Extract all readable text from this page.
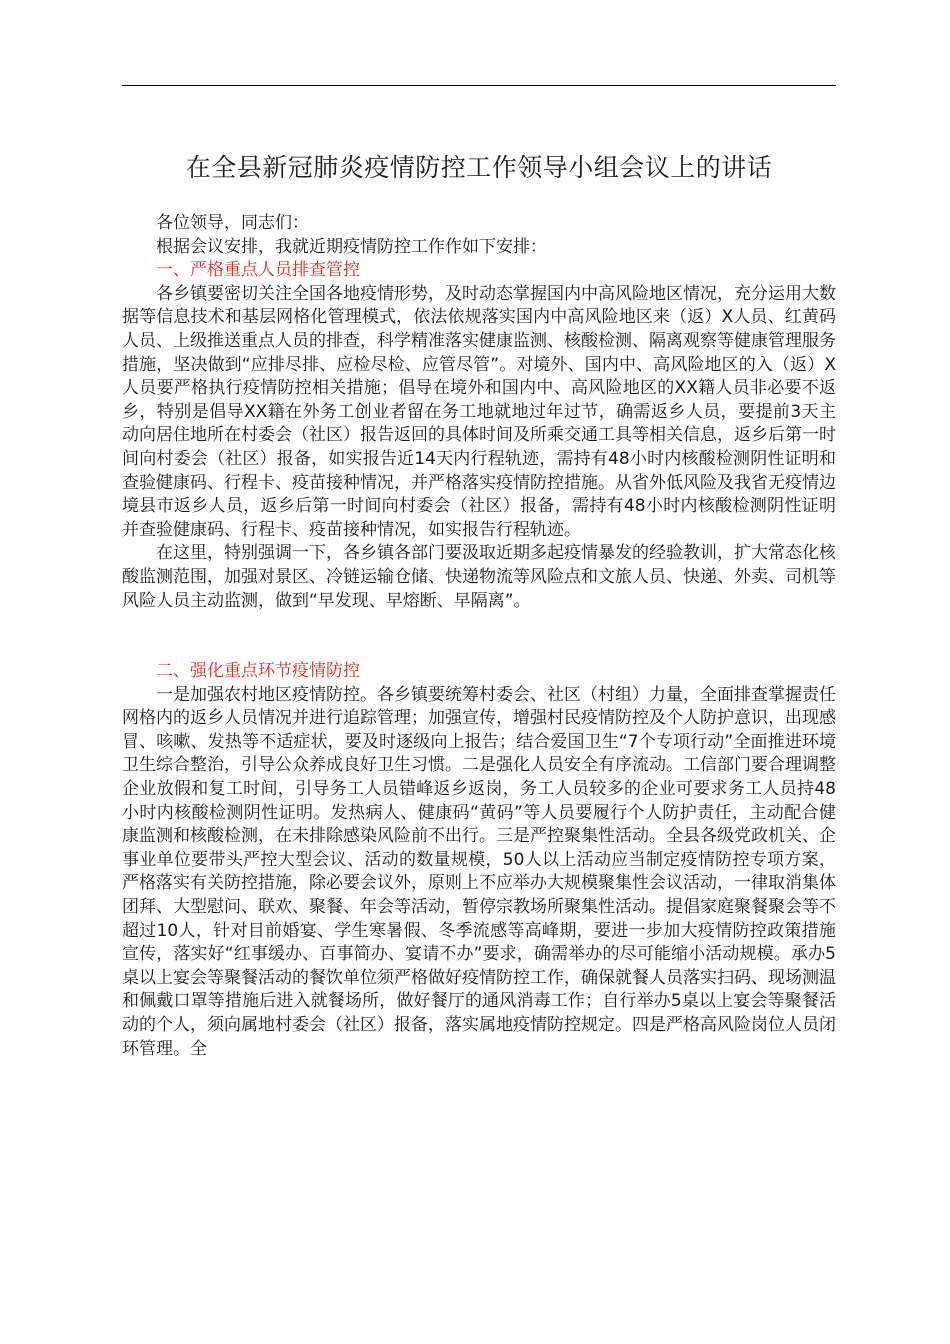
在全县新冠肺炎疫情防控工作领导小组会议上的讲话

各位领导，同志们：

根据会议安排，我就近期疫情防控工作作如下安排：

一、严格重点人员排查管控

各乡镇要密切关注全国各地疫情形势，及时动态掌握国内中高风险地区情况，充分运用大数据等信息技术和基层网格化管理模式，依法依规落实国内中高风险地区来（返）X人员、红黄码人员、上级推送重点人员的排查，科学精准落实健康监测、核酸检测、隔离观察等健康管理服务措施，坚决做到“应排尽排、应检尽检、应管尽管”。对境外、国内中、高风险地区的入（返）X人员要严格执行疫情防控相关措施；倡导在境外和国内中、高风险地区的XX籍人员非必要不返乡，特别是倡导XX籍在外务工创业者留在务工地就地过年过节，确需返乡人员，要提前3天主动向居住地所在村委会（社区）报告返回的具体时间及所乘交通工具等相关信息，返乡后第一时间向村委会（社区）报备，如实报告近14天内行程轨迹，需持有48小时内核酸检测阴性证明和查验健康码、行程卡、疫苗接种情况，并严格落实疫情防控措施。从省外低风险及我省无疫情边境县市返乡人员，返乡后第一时间向村委会（社区）报备，需持有48小时内核酸检测阴性证明并查验健康码、行程卡、疫苗接种情况，如实报告行程轨迹。

在这里，特别强调一下，各乡镇各部门要汲取近期多起疫情暴发的经验教训，扩大常态化核酸监测范围，加强对景区、冷链运输仓储、快递物流等风险点和文旅人员、快递、外卖、司机等风险人员主动监测，做到“早发现、早熔断、早隔离”。

二、强化重点环节疫情防控

一是加强农村地区疫情防控。各乡镇要统筹村委会、社区（村组）力量，全面排查掌握责任网格内的返乡人员情况并进行追踪管理；加强宣传，增强村民疫情防控及个人防护意识，出现感冒、咳嗽、发热等不适症状，要及时逐级向上报告；结合爱国卫生“7个专项行动”全面推进环境卫生综合整治，引导公众养成良好卫生习惯。二是强化人员安全有序流动。工信部门要合理调整企业放假和复工时间，引导务工人员错峰返乡返岗，务工人员较多的企业可要求务工人员持48小时内核酸检测阴性证明。发热病人、健康码“黄码”等人员要履行个人防护责任，主动配合健康监测和核酸检测，在未排除感染风险前不出行。三是严控聚集性活动。全县各级党政机关、企事业单位要带头严控大型会议、活动的数量规模，50人以上活动应当制定疫情防控专项方案，严格落实有关防控措施，除必要会议外，原则上不应举办大规模聚集性会议活动，一律取消集体团拜、大型慰问、联欢、聚餐、年会等活动，暂停宗教场所聚集性活动。提倡家庭聚餐聚会等不超过10人，针对目前婚宴、学生寒暑假、冬季流感等高峰期，要进一步加大疫情防控政策措施宣传，落实好“红事缓办、百事简办、宴请不办”要求，确需举办的尽可能缩小活动规模。承办5桌以上宴会等聚餐活动的餐饮单位须严格做好疫情防控工作，确保就餐人员落实扫码、现场测温和佩戴口罩等措施后进入就餐场所，做好餐厅的通风消毒工作；自行举办5桌以上宴会等聚餐活动的个人，须向属地村委会（社区）报备，落实属地疫情防控规定。四是严格高风险岗位人员闭环管理。全
